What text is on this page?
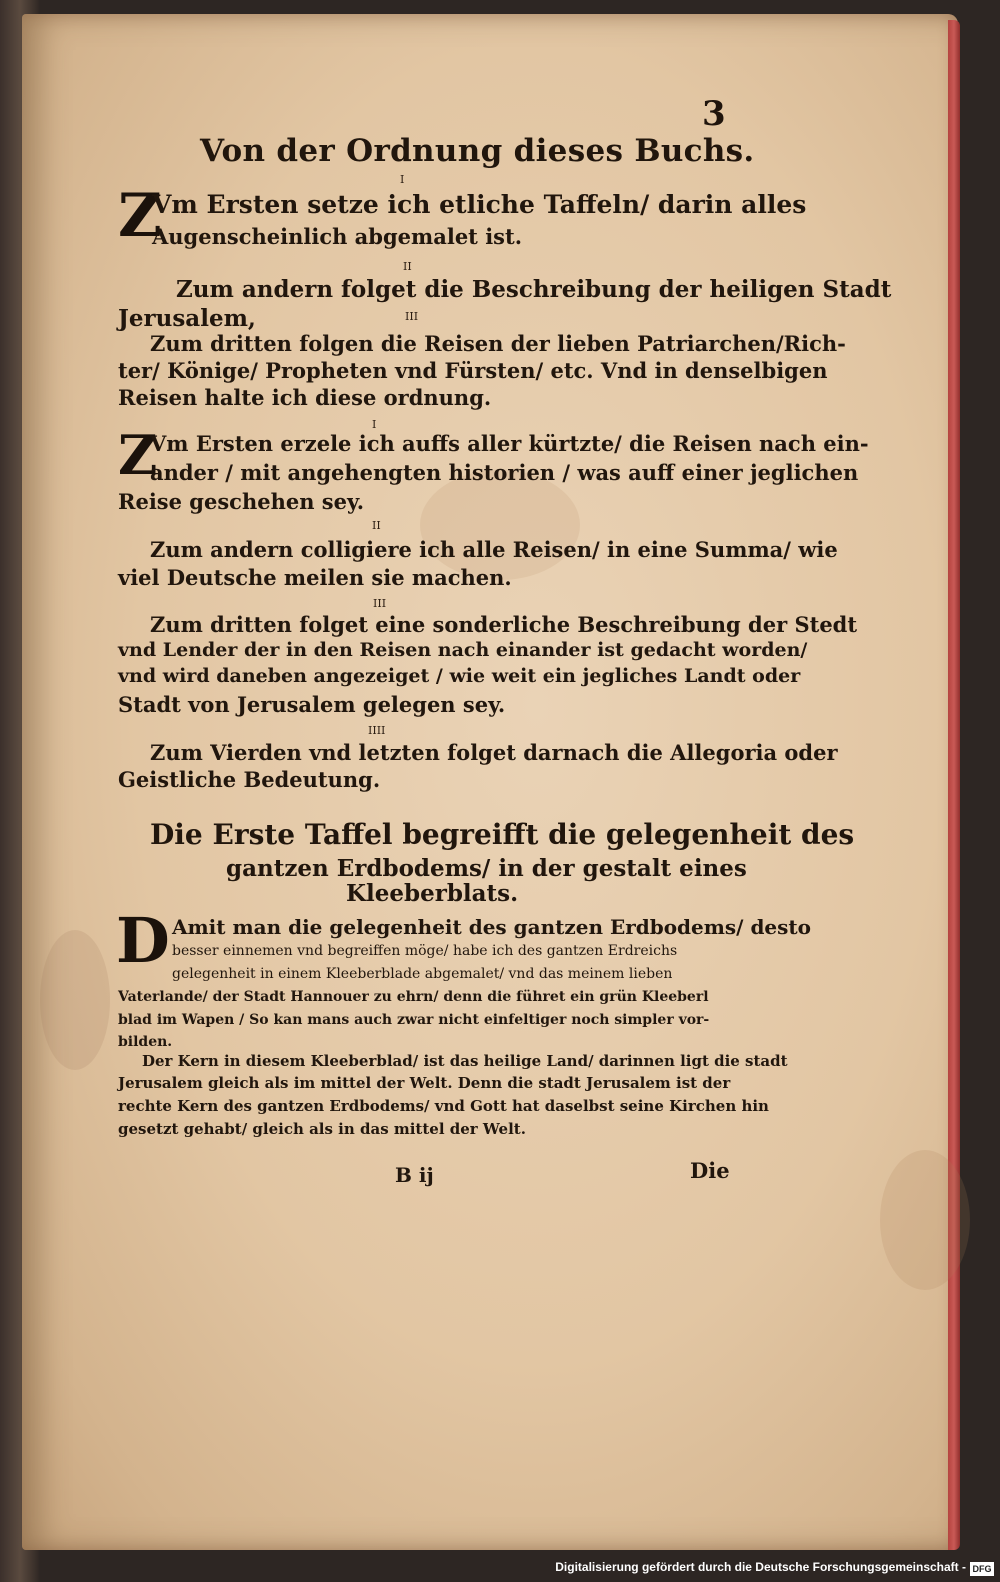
3
Von der Ordnung dieses Buchs.
I
Z
Vm Ersten setze ich etliche Taffeln/ darin alles
Augenscheinlich abgemalet ist.
II
Zum andern folget die Beschreibung der heiligen Stadt
Jerusalem,	III
Zum dritten folgen die Reisen der lieben Patriarchen/Rich-
ter/ Könige/ Propheten vnd Fürsten/ etc. Vnd in denselbigen
Reisen halte ich diese ordnung.
I
Z
Vm Ersten erzele ich auffs aller kürtzte/ die Reisen nach ein-
ander / mit angehengten historien / was auff einer jeglichen
Reise geschehen sey.
II
Zum andern colligiere ich alle Reisen/ in eine Summa/ wie
viel Deutsche meilen sie machen.
III
Zum dritten folget eine sonderliche Beschreibung der Stedt
vnd Lender der in den Reisen nach einander ist gedacht worden/
vnd wird daneben angezeiget / wie weit ein jegliches Landt oder
Stadt von Jerusalem gelegen sey.
IIII
Zum Vierden vnd letzten folget darnach die Allegoria oder
Geistliche Bedeutung.
Die Erste Taffel begreifft die gelegenheit des
gantzen Erdbodems/ in der gestalt eines
Kleeberblats.
D Amit man die gelegenheit des gantzen Erdbodems/ desto
besser einnemen vnd begreiffen möge/ habe ich des gantzen Erdreichs
gelegenheit in einem Kleeberblade abgemalet/ vnd das meinem lieben
Vaterlande/ der Stadt Hannouer zu ehrn/ denn die führet ein grün Kleeberl
blad im Wapen / So kan mans auch zwar nicht einfeltiger noch simpler vor-
bilden.
Der Kern in diesem Kleeberblad/ ist das heilige Land/ darinnen ligt die stadt
Jerusalem gleich als im mittel der Welt. Denn die stadt Jerusalem ist der
rechte Kern des gantzen Erdbodems/ vnd Gott hat daselbst seine Kirchen hin
gesetzt gehabt/ gleich als in das mittel der Welt.
B ij	Die
Digitalisierung gefördert durch die Deutsche Forschungsgemeinschaft - DFG
